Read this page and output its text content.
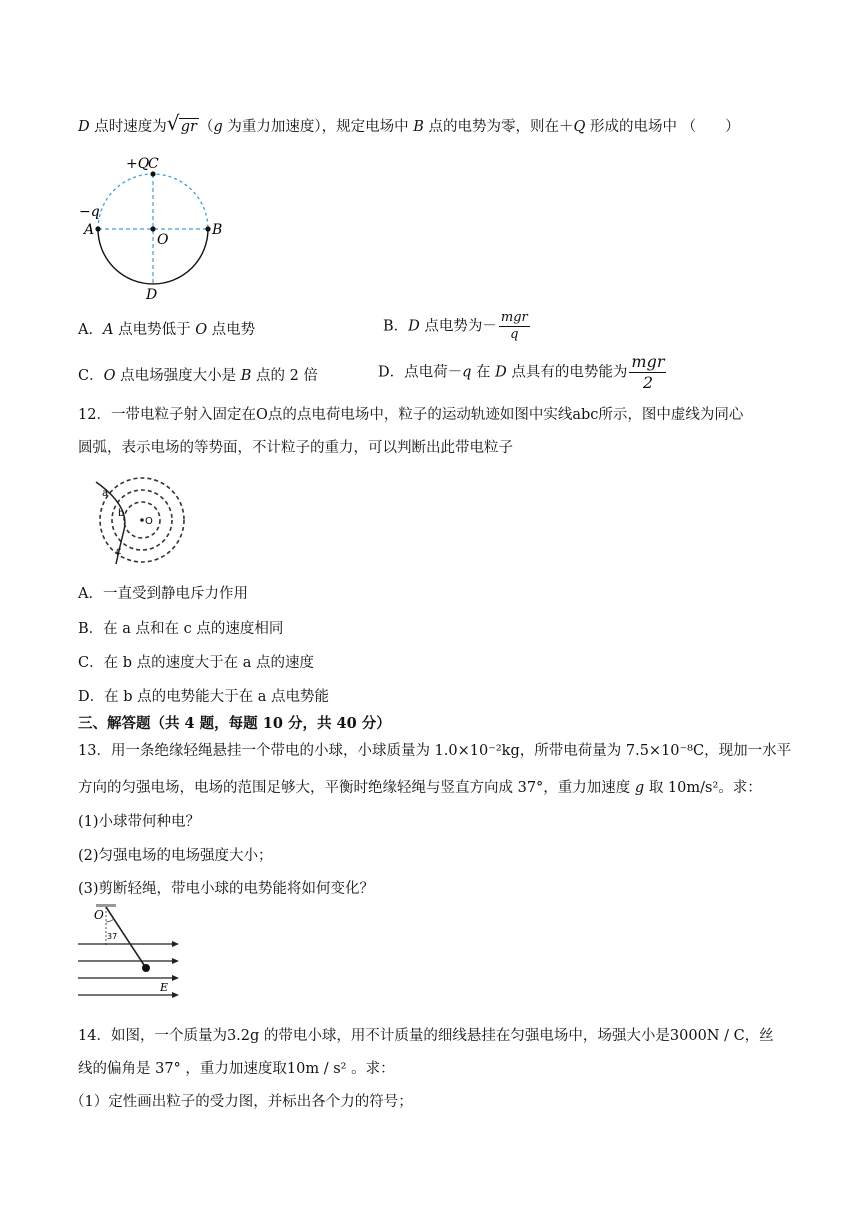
D 点时速度为 √ gr （g 为重力加速度），规定电场中 B 点的电势为零，则在＋Q 形成的电场中 （　　）
+Q
C
−q
A
O
B
D
A．A 点电势低于 O 点电势	B．D 点电势为－ $\frac{\text{mgr}}{q}$
C．O 点电场强度大小是 B 点的 2 倍	D．点电荷－q 在 D 点具有的电势能为 $\frac{\text{mgr}}{2}$
12．一带电粒子射入固定在O点的点电荷电场中，粒子的运动轨迹如图中实线abc所示，图中虚线为同心
圆弧，表示电场的等势面，不计粒子的重力，可以判断出此带电粒子
a
b
c
O
A．一直受到静电斥力作用
B．在 a 点和在 c 点的速度相同
C．在 b 点的速度大于在 a 点的速度
D．在 b 点的电势能大于在 a 点电势能
三、解答题（共 4 题，每题 10 分，共 40 分）
13．用一条绝缘轻绳悬挂一个带电的小球，小球质量为 1.0×10⁻²kg，所带电荷量为 7.5×10⁻⁸C，现加一水平
方向的匀强电场，电场的范围足够大，平衡时绝缘轻绳与竖直方向成 37°，重力加速度 g 取 10m/s²。求：
(1)小球带何种电？
(2)匀强电场的电场强度大小；
(3)剪断轻绳，带电小球的电势能将如何变化？
O
37
E
14．如图，一个质量为3.2g 的带电小球，用不计质量的细线悬挂在匀强电场中，场强大小是3000N / C，丝
线的偏角是 37° ，重力加速度取10m / s² 。求：
（1）定性画出粒子的受力图，并标出各个力的符号；
